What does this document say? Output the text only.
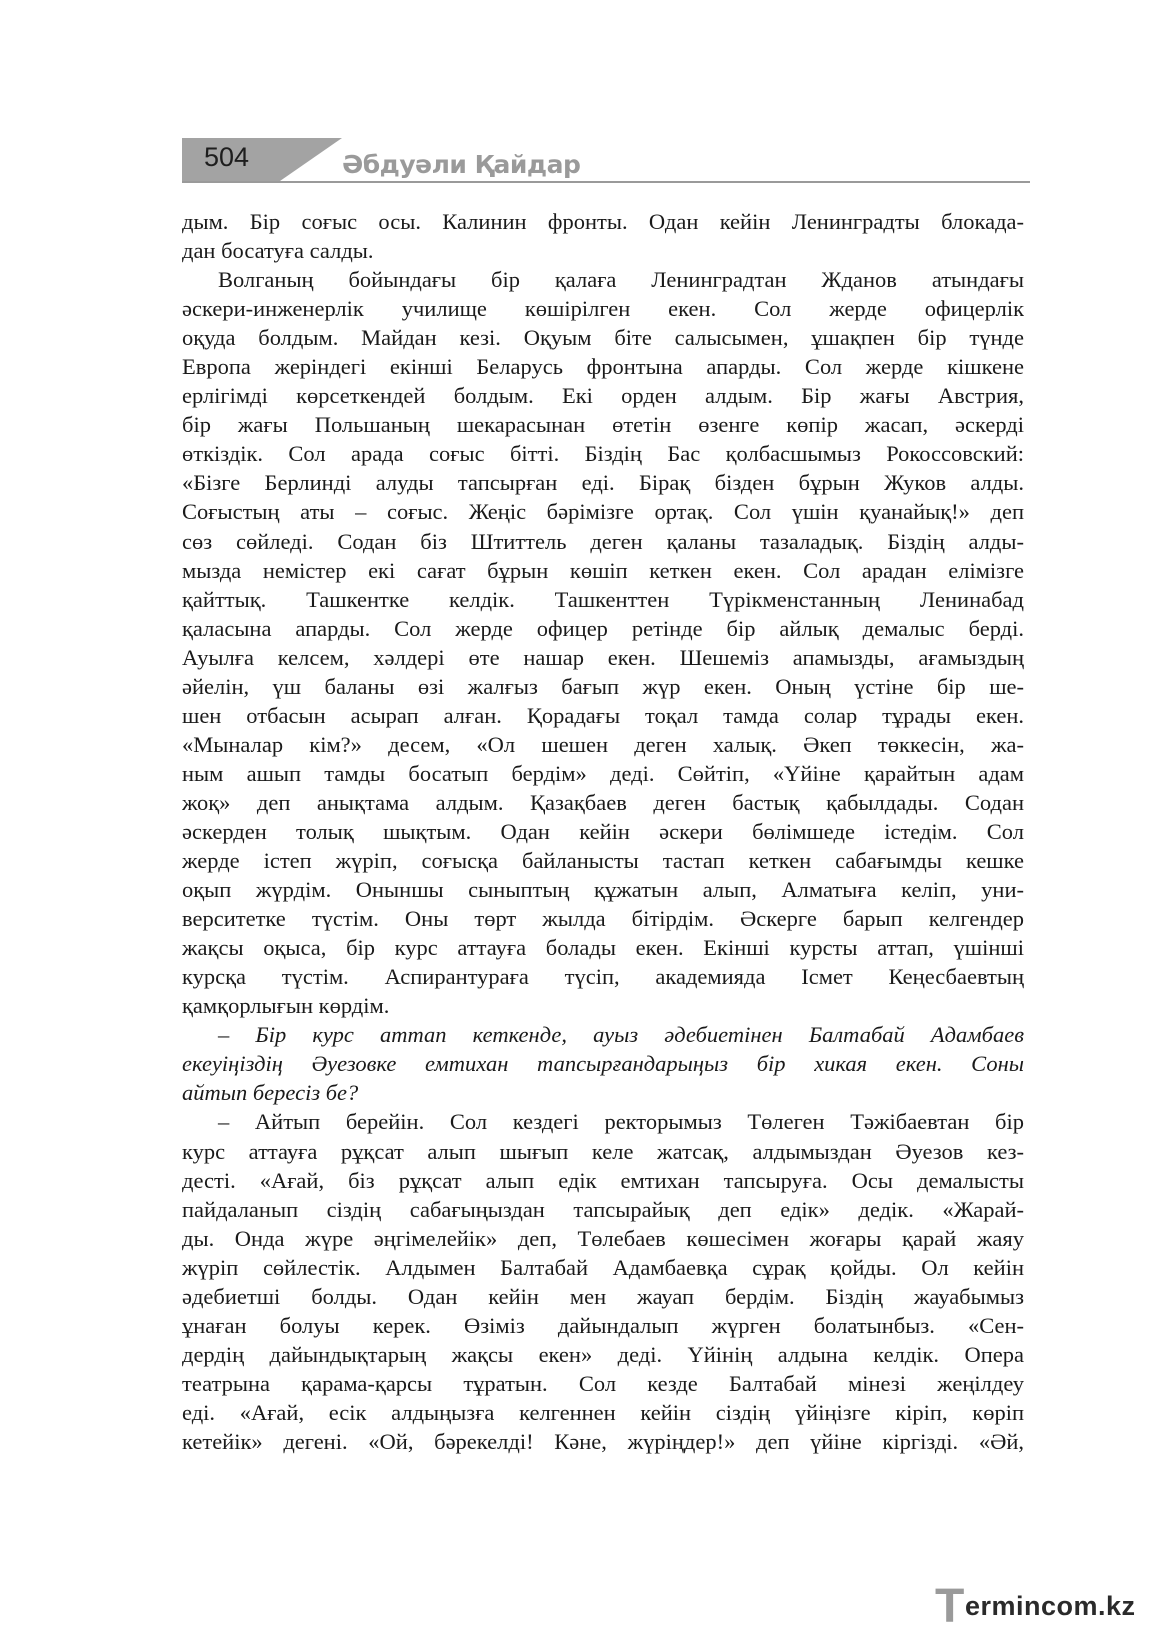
504	Әбдуәли Қайдар
дым. Бір соғыс осы. Калинин фронты. Одан кейін Ленинградты блокада-
дан босатуға салды.
Волганың бойындағы бір қалаға Ленинградтан Жданов атындағы
әскери-инженерлік училище көшірілген екен. Сол жерде офицерлік
оқуда болдым. Майдан кезі. Оқуым біте салысымен, ұшақпен бір түнде
Европа жеріндегі екінші Беларусь фронтына апарды. Сол жерде кішкене
ерлігімді көрсеткендей болдым. Екі орден алдым. Бір жағы Австрия,
бір жағы Польшаның шекарасынан өтетін өзенге көпір жасап, әскерді
өткіздік. Сол арада соғыс бітті. Біздің Бас қолбасшымыз Рокоссовский:
«Бізге Берлинді алуды тапсырған еді. Бірақ бізден бұрын Жуков алды.
Соғыстың аты – соғыс. Жеңіс бәрімізге ортақ. Сол үшін қуанайық!» деп
сөз сөйледі. Содан біз Штиттель деген қаланы тазаладық. Біздің алды-
мызда немістер екі сағат бұрын көшіп кеткен екен. Сол арадан елімізге
қайттық. Ташкентке келдік. Ташкенттен Түрікменстанның Ленинабад
қаласына апарды. Сол жерде офицер ретінде бір айлық демалыс берді.
Ауылға келсем, хәлдері өте нашар екен. Шешеміз апамызды, ағамыздың
әйелін, үш баланы өзі жалғыз бағып жүр екен. Оның үстіне бір ше-
шен отбасын асырап алған. Қорадағы тоқал тамда солар тұрады екен.
«Мыналар кім?» десем, «Ол шешен деген халық. Әкеп төккесін, жа-
ным ашып тамды босатып бердім» деді. Сөйтіп, «Үйіне қарайтын адам
жоқ» деп анықтама алдым. Қазақбаев деген бастық қабылдады. Содан
әскерден толық шықтым. Одан кейін әскери бөлімшеде істедім. Сол
жерде істеп жүріп, соғысқа байланысты тастап кеткен сабағымды кешке
оқып жүрдім. Оныншы сыныптың құжатын алып, Алматыға келіп, уни-
верситетке түстім. Оны төрт жылда бітірдім. Әскерге барып келгендер
жақсы оқыса, бір курс аттауға болады екен. Екінші курсты аттап, үшінші
курсқа түстім. Аспирантураға түсіп, академияда Ісмет Кеңесбаевтың
қамқорлығын көрдім.
– Бір курс аттап кеткенде, ауыз әдебиетінен Балтабай Адамбаев
екеуіңіздің Әуезовке емтихан тапсырғандарыңыз бір хикая екен. Соны
айтып бересіз бе?
– Айтып берейін. Сол кездегі ректорымыз Төлеген Тәжібаевтан бір
курс аттауға рұқсат алып шығып келе жатсақ, алдымыздан Әуезов кез-
десті. «Ағай, біз рұқсат алып едік емтихан тапсыруға. Осы демалысты
пайдаланып сіздің сабағыңыздан тапсырайық деп едік» дедік. «Жарай-
ды. Онда жүре әңгімелейік» деп, Төлебаев көшесімен жоғары қарай жаяу
жүріп сөйлестік. Алдымен Балтабай Адамбаевқа сұрақ қойды. Ол кейін
әдебиетші болды. Одан кейін мен жауап бердім. Біздің жауабымыз
ұнаған болуы керек. Өзіміз дайындалып жүрген болатынбыз. «Сен-
дердің дайындықтарың жақсы екен» деді. Үйінің алдына келдік. Опера
театрына қарама-қарсы тұратын. Сол кезде Балтабай мінезі жеңілдеу
еді. «Ағай, есік алдыңызға келгеннен кейін сіздің үйіңізге кіріп, көріп
кетейік» дегені. «Ой, бәрекелді! Кәне, жүріңдер!» деп үйіне кіргізді. «Әй,
T ermincom.kz
